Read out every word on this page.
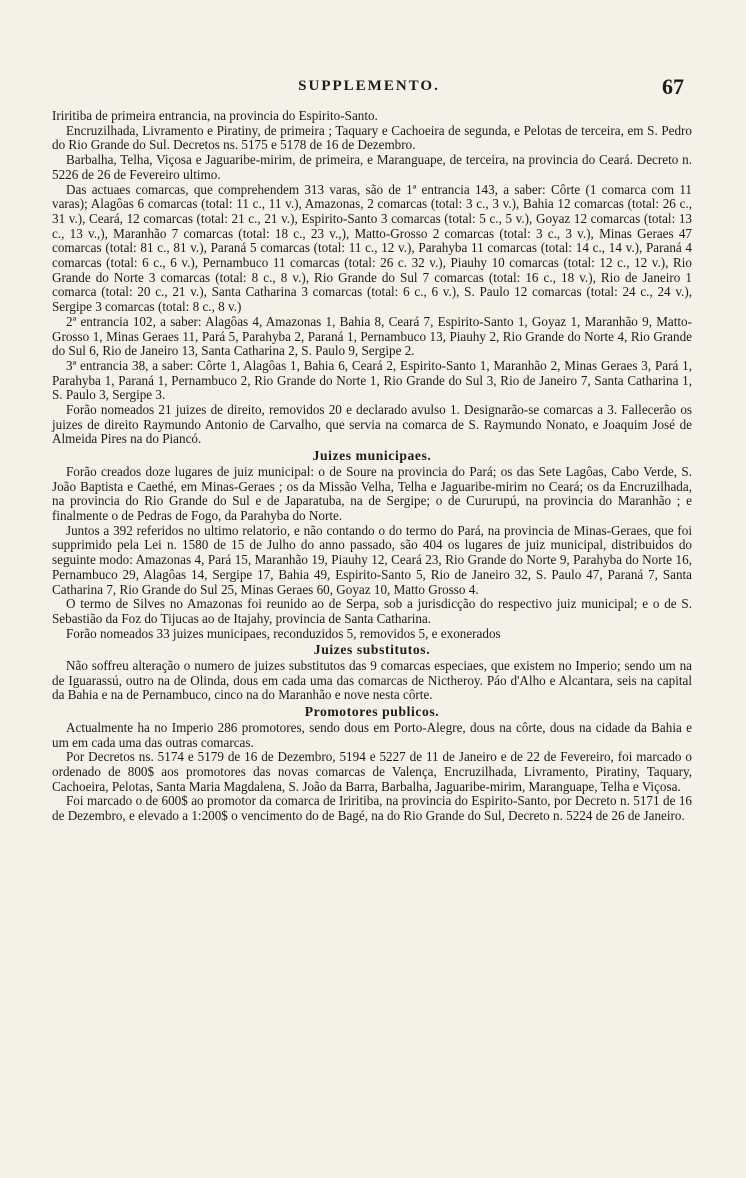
SUPPLEMENTO.	67

Iriritiba de primeira entrancia, na provincia do Espirito-Santo.

Encruzilhada, Livramento e Piratiny, de primeira ; Taquary e Cachoeira de segunda, e Pelotas de terceira, em S. Pedro do Rio Grande do Sul. Decretos ns. 5175 e 5178 de 16 de Dezembro.

Barbalha, Telha, Viçosa e Jaguaribe-mirim, de primeira, e Maranguape, de terceira, na provincia do Ceará. Decreto n. 5226 de 26 de Fevereiro ultimo.

Das actuaes comarcas, que comprehendem 313 varas, são de 1ª entrancia 143, a saber: Côrte (1 comarca com 11 varas); Alagôas 6 comarcas (total: 11 c., 11 v.), Amazonas, 2 comarcas (total: 3 c., 3 v.), Bahia 12 comarcas (total: 26 c., 31 v.), Ceará, 12 comarcas (total: 21 c., 21 v.), Espirito-Santo 3 comarcas (total: 5 c., 5 v.), Goyaz 12 comarcas (total: 13 c., 13 v.,), Maranhão 7 comarcas (total: 18 c., 23 v.,), Matto-Grosso 2 comarcas (total: 3 c., 3 v.), Minas Geraes 47 comarcas (total: 81 c., 81 v.), Paraná 5 comarcas (total: 11 c., 12 v.), Parahyba 11 comarcas (total: 14 c., 14 v.), Paraná 4 comarcas (total: 6 c., 6 v.), Pernambuco 11 comarcas (total: 26 c. 32 v.), Piauhy 10 comarcas (total: 12 c., 12 v.), Rio Grande do Norte 3 comarcas (total: 8 c., 8 v.), Rio Grande do Sul 7 comarcas (total: 16 c., 18 v.), Rio de Janeiro 1 comarca (total: 20 c., 21 v.), Santa Catharina 3 comarcas (total: 6 c., 6 v.), S. Paulo 12 comarcas (total: 24 c., 24 v.), Sergipe 3 comarcas (total: 8 c., 8 v.)

2ª entrancia 102, a saber: Alagôas 4, Amazonas 1, Bahia 8, Ceará 7, Espirito-Santo 1, Goyaz 1, Maranhão 9, Matto-Grosso 1, Minas Geraes 11, Pará 5, Parahyba 2, Paraná 1, Pernambuco 13, Piauhy 2, Rio Grande do Norte 4, Rio Grande do Sul 6, Rio de Janeiro 13, Santa Catharina 2, S. Paulo 9, Sergipe 2.

3ª entrancia 38, a saber: Côrte 1, Alagôas 1, Bahia 6, Ceará 2, Espirito-Santo 1, Maranhão 2, Minas Geraes 3, Pará 1, Parahyba 1, Paraná 1, Pernambuco 2, Rio Grande do Norte 1, Rio Grande do Sul 3, Rio de Janeiro 7, Santa Catharina 1, S. Paulo 3, Sergipe 3.

Forão nomeados 21 juizes de direito, removidos 20 e declarado avulso 1. Designarão-se comarcas a 3. Fallecerão os juizes de direito Raymundo Antonio de Carvalho, que servia na comarca de S. Raymundo Nonato, e Joaquim José de Almeida Pires na do Piancó.

Juizes municipaes.

Forão creados doze lugares de juiz municipal: o de Soure na provincia do Pará; os das Sete Lagôas, Cabo Verde, S. João Baptista e Caethé, em Minas-Geraes ; os da Missão Velha, Telha e Jaguaribe-mirim no Ceará; os da Encruzilhada, na provincia do Rio Grande do Sul e de Japaratuba, na de Sergipe; o de Cururupú, na provincia do Maranhão ; e finalmente o de Pedras de Fogo, da Parahyba do Norte.

Juntos a 392 referidos no ultimo relatorio, e não contando o do termo do Pará, na provincia de Minas-Geraes, que foi supprimido pela Lei n. 1580 de 15 de Julho do anno passado, são 404 os lugares de juiz municipal, distribuidos do seguinte modo: Amazonas 4, Pará 15, Maranhão 19, Piauhy 12, Ceará 23, Rio Grande do Norte 9, Parahyba do Norte 16, Pernambuco 29, Alagôas 14, Sergipe 17, Bahia 49, Espirito-Santo 5, Rio de Janeiro 32, S. Paulo 47, Paraná 7, Santa Catharina 7, Rio Grande do Sul 25, Minas Geraes 60, Goyaz 10, Matto Grosso 4.

O termo de Silves no Amazonas foi reunido ao de Serpa, sob a jurisdicção do respectivo juiz municipal; e o de S. Sebastião da Foz do Tijucas ao de Itajahy, provincia de Santa Catharina.

Forão nomeados 33 juizes municipaes, reconduzidos 5, removidos 5, e exonerados

Juizes substitutos.

Não soffreu alteração o numero de juizes substitutos das 9 comarcas especiaes, que existem no Imperio; sendo um na de Iguarassú, outro na de Olinda, dous em cada uma das comarcas de Nictheroy. Páo d'Alho e Alcantara, seis na capital da Bahia e na de Pernambuco, cinco na do Maranhão e nove nesta côrte.

Promotores publicos.

Actualmente ha no Imperio 286 promotores, sendo dous em Porto-Alegre, dous na côrte, dous na cidade da Bahia e um em cada uma das outras comarcas.

Por Decretos ns. 5174 e 5179 de 16 de Dezembro, 5194 e 5227 de 11 de Janeiro e de 22 de Fevereiro, foi marcado o ordenado de 800$ aos promotores das novas comarcas de Valença, Encruzilhada, Livramento, Piratiny, Taquary, Cachoeira, Pelotas, Santa Maria Magdalena, S. João da Barra, Barbalha, Jaguaribe-mirim, Maranguape, Telha e Viçosa.

Foi marcado o de 600$ ao promotor da comarca de Iriritiba, na provincia do Espirito-Santo, por Decreto n. 5171 de 16 de Dezembro, e elevado a 1:200$ o vencimento do de Bagé, na do Rio Grande do Sul, Decreto n. 5224 de 26 de Janeiro.
